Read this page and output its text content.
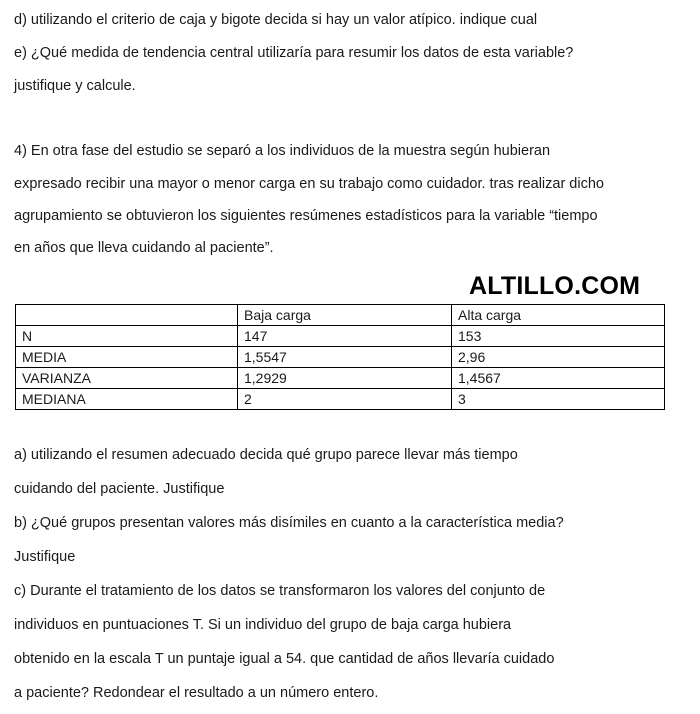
d) utilizando el criterio de caja y bigote decida si hay un valor atípico. indique cual
e) ¿Qué medida de tendencia central utilizaría para resumir los datos de esta variable?
justifique y calcule.
4) En otra fase del estudio se separó a los individuos de la muestra según hubieran
expresado recibir una mayor o menor carga en su trabajo como cuidador. tras realizar dicho
agrupamiento se obtuvieron los siguientes resúmenes estadísticos para la variable “tiempo
en años que lleva cuidando al paciente”.
ALTILLO.COM
	Baja carga	Alta carga
N	147	153
MEDIA	1,5547	2,96
VARIANZA	1,2929	1,4567
MEDIANA	2	3
a) utilizando el resumen adecuado decida qué grupo parece llevar más tiempo
cuidando del paciente. Justifique
b) ¿Qué grupos presentan valores más disímiles en cuanto a la característica media?
Justifique
c) Durante el tratamiento de los datos se transformaron los valores del conjunto de
individuos en puntuaciones T. Si un individuo del grupo de baja carga hubiera
obtenido en la escala T un puntaje igual a 54. que cantidad de años llevaría cuidado
a paciente? Redondear el resultado a un número entero.
